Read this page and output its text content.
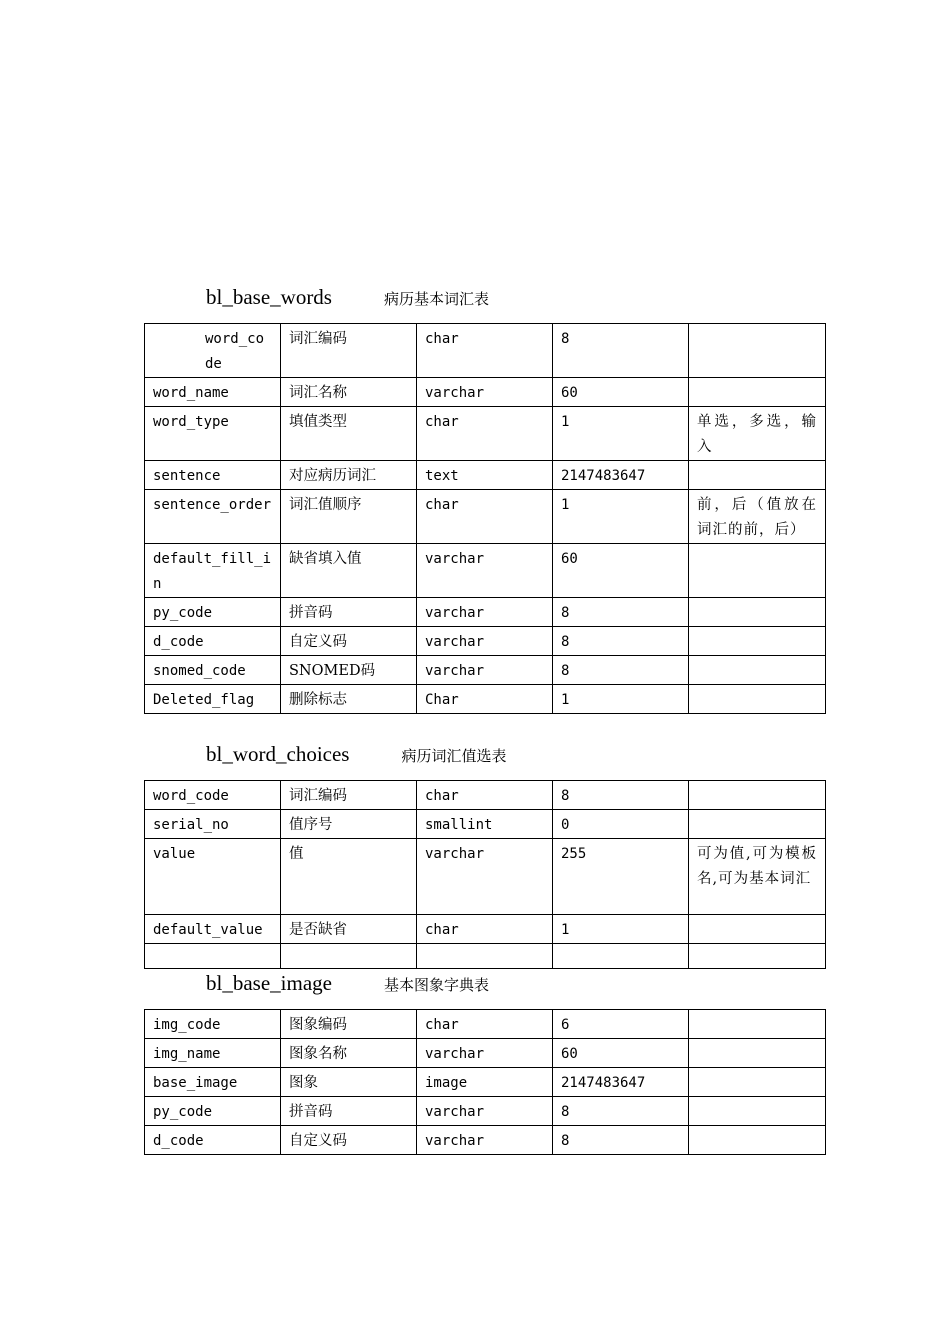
bl_base_words	病历基本词汇表
word_code	词汇编码	char	8	
word_name	词汇名称	varchar	60	
word_type	填值类型	char	1	单选，多选，输入
sentence	对应病历词汇	text	2147483647	
sentence_order	词汇值顺序	char	1	前，后（值放在词汇的前，后）
default_fill_in	缺省填入值	varchar	60	
py_code	拼音码	varchar	8	
d_code	自定义码	varchar	8	
snomed_code	SNOMED码	varchar	8	
Deleted_flag	删除标志	Char	1	
bl_word_choices	病历词汇值选表
word_code	词汇编码	char	8	
serial_no	值序号	smallint	0	
value	值	varchar	255	可为值,可为模板名,可为基本词汇
default_value	是否缺省	char	1	

bl_base_image	基本图象字典表
img_code	图象编码	char	6	
img_name	图象名称	varchar	60	
base_image	图象	image	2147483647	
py_code	拼音码	varchar	8	
d_code	自定义码	varchar	8	
